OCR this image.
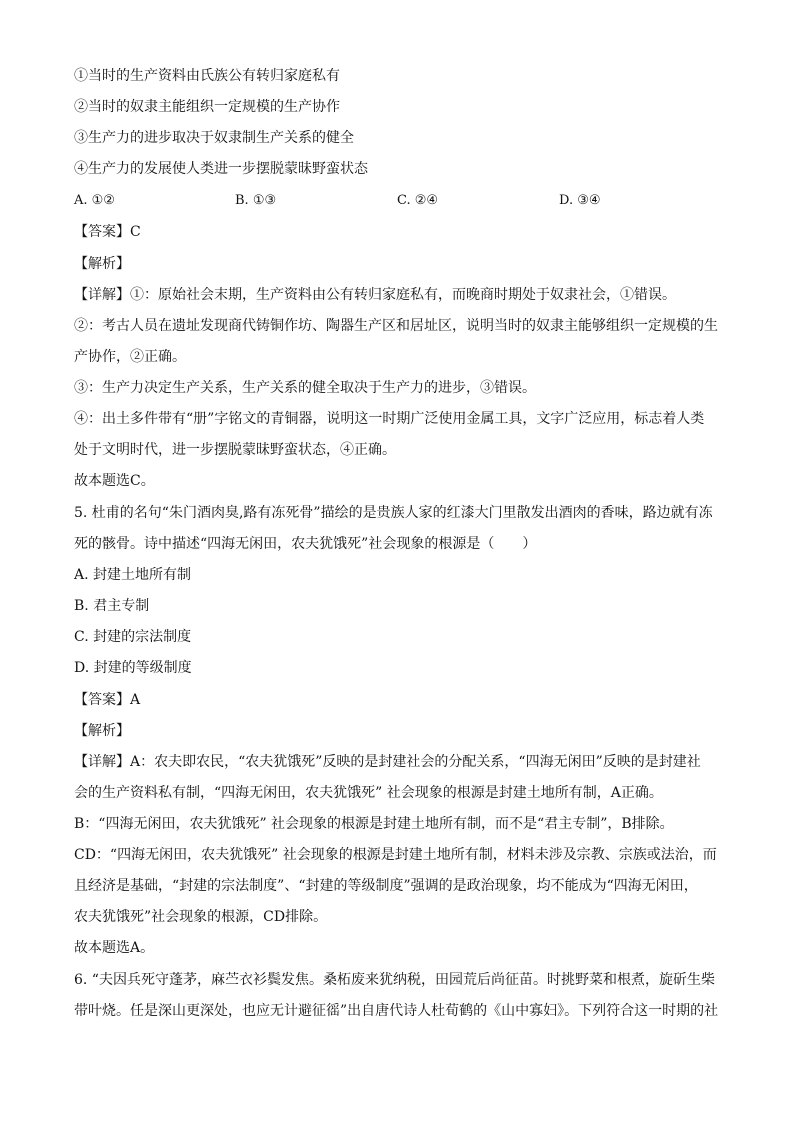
①当时的生产资料由氏族公有转归家庭私有
②当时的奴隶主能组织一定规模的生产协作
③生产力的进步取决于奴隶制生产关系的健全
④生产力的发展使人类进一步摆脱蒙昧野蛮状态
A. ①②	B. ①③	C. ②④	D. ③④
【答案】C
【解析】
【详解】①：原始社会末期，生产资料由公有转归家庭私有，而晚商时期处于奴隶社会，①错误。
②：考古人员在遗址发现商代铸铜作坊、陶器生产区和居址区，说明当时的奴隶主能够组织一定规模的生
产协作，②正确。
③：生产力决定生产关系，生产关系的健全取决于生产力的进步，③错误。
④：出土多件带有“册”字铭文的青铜器，说明这一时期广泛使用金属工具，文字广泛应用，标志着人类
处于文明时代，进一步摆脱蒙昧野蛮状态，④正确。
故本题选C。
5. 杜甫的名句“朱门酒肉臭,路有冻死骨”描绘的是贵族人家的红漆大门里散发出酒肉的香味，路边就有冻
死的骸骨。诗中描述“四海无闲田，农夫犹饿死”社会现象的根源是（　　）
A. 封建土地所有制
B. 君主专制
C. 封建的宗法制度
D. 封建的等级制度
【答案】A
【解析】
【详解】A：农夫即农民，“农夫犹饿死”反映的是封建社会的分配关系，“四海无闲田”反映的是封建社
会的生产资料私有制，“四海无闲田，农夫犹饿死” 社会现象的根源是封建土地所有制，A正确。
B：“四海无闲田，农夫犹饿死” 社会现象的根源是封建土地所有制，而不是“君主专制”，B排除。
CD：“四海无闲田，农夫犹饿死” 社会现象的根源是封建土地所有制，材料未涉及宗教、宗族或法治，而
且经济是基础，“封建的宗法制度”、“封建的等级制度”强调的是政治现象，均不能成为“四海无闲田，
农夫犹饿死”社会现象的根源，CD排除。
故本题选A。
6. “夫因兵死守蓬茅，麻苎衣衫鬓发焦。桑柘废来犹纳税，田园荒后尚征苗。时挑野菜和根煮，旋斫生柴
带叶烧。任是深山更深处，也应无计避征徭”出自唐代诗人杜荀鹤的《山中寡妇》。下列符合这一时期的社
